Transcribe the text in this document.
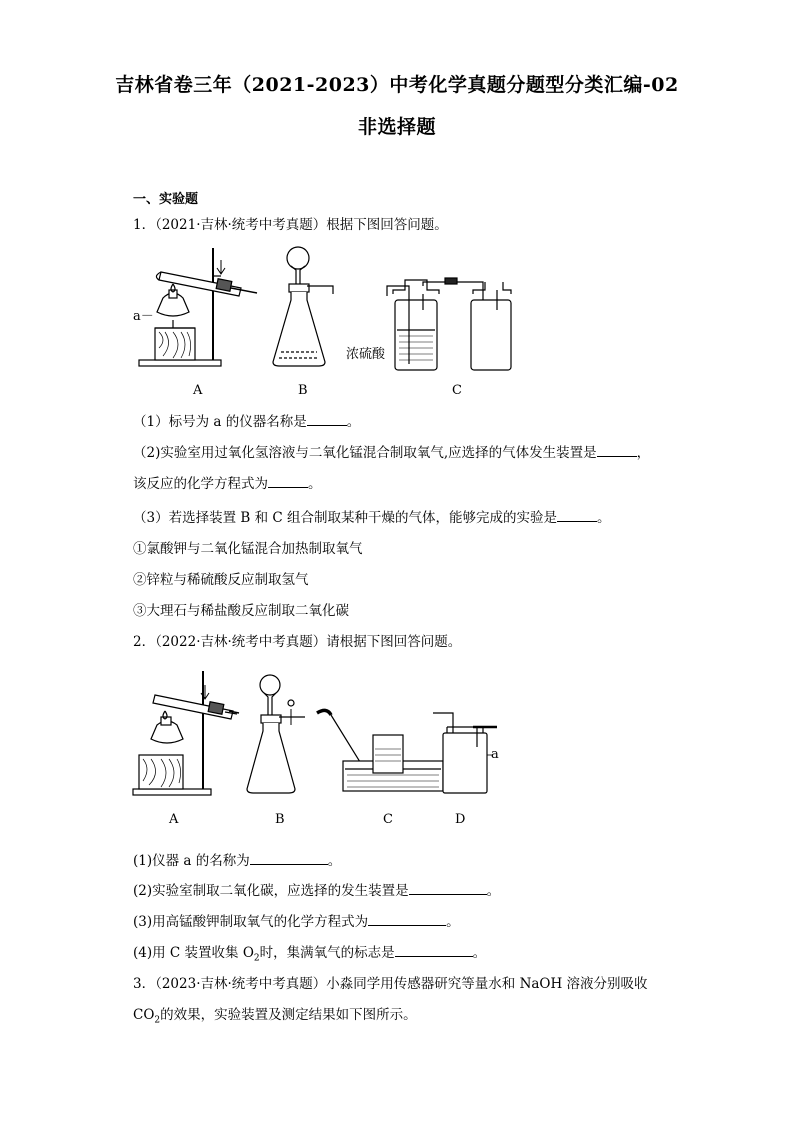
吉林省卷三年（2021-2023）中考化学真题分题型分类汇编-02
非选择题
一、实验题
1．（2021·吉林·统考中考真题）根据下图回答问题。
a－
浓硫酸
A	B	C
（1）标号为 a 的仪器名称是	。
（2)实验室用过氧化氢溶液与二氧化锰混合制取氧气,应选择的气体发生装置是	，
该反应的化学方程式为	。
（3）若选择装置 B 和 C 组合制取某种干燥的气体，能够完成的实验是	。
①氯酸钾与二氧化锰混合加热制取氧气
②锌粒与稀硫酸反应制取氢气
③大理石与稀盐酸反应制取二氧化碳
2．（2022·吉林·统考中考真题）请根据下图回答问题。
a
A	B	C	D
(1)仪器 a 的名称为	。
(2)实验室制取二氧化碳，应选择的发生装置是	。
(3)用高锰酸钾制取氧气的化学方程式为	。
(4)用 C 装置收集 $O_2$时，集满氧气的标志是	。
3．（2023·吉林·统考中考真题）小淼同学用传感器研究等量水和 NaOH 溶液分别吸收
$CO_2$的效果，实验装置及测定结果如下图所示。
